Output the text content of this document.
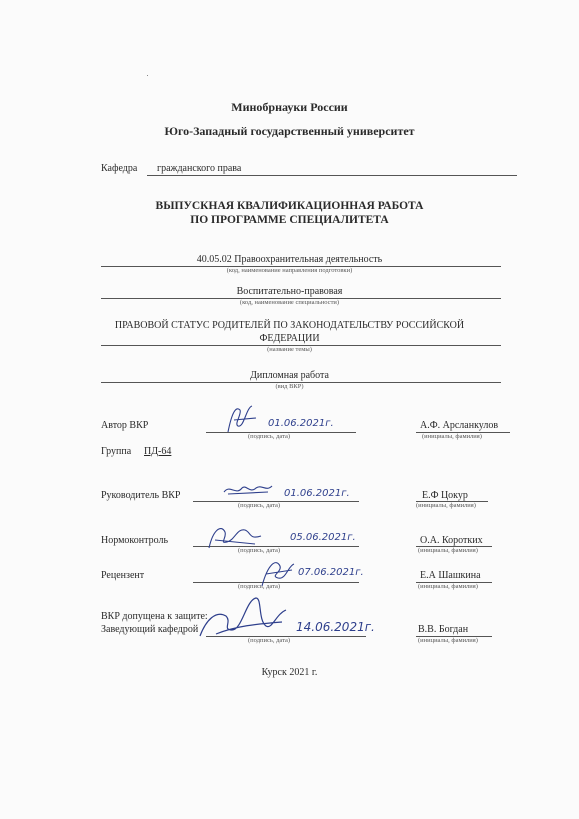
Минобрнауки России
Юго-Западный государственный университет
Кафедра гражданского права
ВЫПУСКНАЯ КВАЛИФИКАЦИОННАЯ РАБОТА
ПО ПРОГРАММЕ СПЕЦИАЛИТЕТА
40.05.02 Правоохранительная деятельность
(код, наименование направления подготовки)
Воспитательно-правовая
(код, наименование специальности)
ПРАВОВОЙ СТАТУС РОДИТЕЛЕЙ ПО ЗАКОНОДАТЕЛЬСТВУ РОССИЙСКОЙ
ФЕДЕРАЦИИ
(название темы)
Дипломная работа
(вид ВКР)
Автор ВКР
(подпись, дата)
01.06.2021г.	А.Ф. Арсланкулов
(инициалы, фамилия)
Группа ПД-64
Руководитель ВКР
(подпись, дата)
01.06.2021г.	Е.Ф Цокур
(инициалы, фамилия)
Нормоконтроль
(подпись, дата)
05.06.2021г.	О.А. Коротких
(инициалы, фамилия)
Рецензент
(подпись, дата)
07.06.2021г.	Е.А Шашкина
(инициалы, фамилия)
ВКР допущена к защите:
Заведующий кафедрой
(подпись, дата)
14.06.2021г.	В.В. Богдан
(инициалы, фамилия)
Курск 2021 г.
